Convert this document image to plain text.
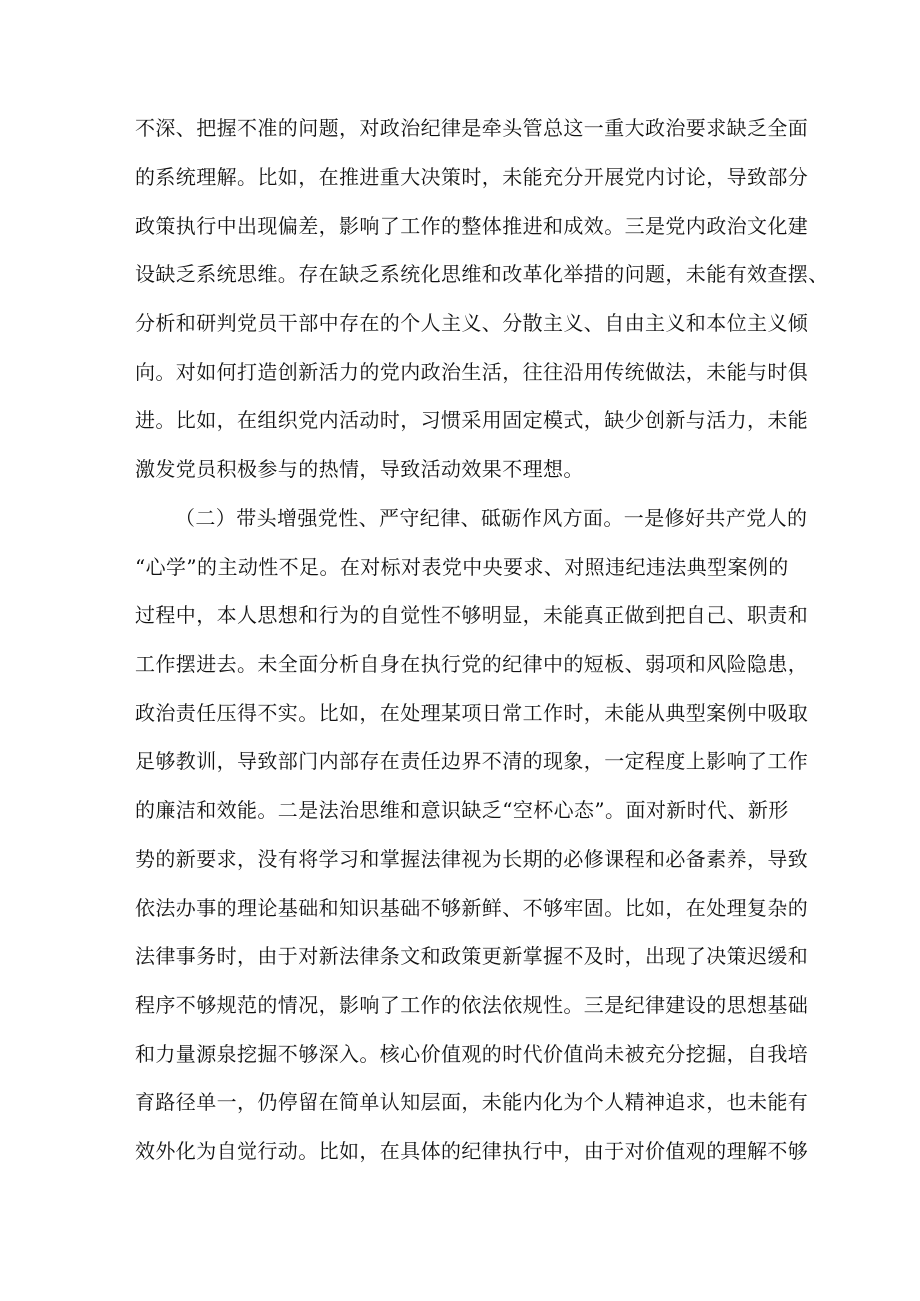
不深、把握不准的问题，对政治纪律是牵头管总这一重大政治要求缺乏全面
的系统理解。比如，在推进重大决策时，未能充分开展党内讨论，导致部分
政策执行中出现偏差，影响了工作的整体推进和成效。三是党内政治文化建
设缺乏系统思维。存在缺乏系统化思维和改革化举措的问题，未能有效查摆、
分析和研判党员干部中存在的个人主义、分散主义、自由主义和本位主义倾
向。对如何打造创新活力的党内政治生活，往往沿用传统做法，未能与时俱
进。比如，在组织党内活动时，习惯采用固定模式，缺少创新与活力，未能
激发党员积极参与的热情，导致活动效果不理想。
（二）带头增强党性、严守纪律、砥砺作风方面。一是修好共产党人的
“心学”的主动性不足。在对标对表党中央要求、对照违纪违法典型案例的
过程中，本人思想和行为的自觉性不够明显，未能真正做到把自己、职责和
工作摆进去。未全面分析自身在执行党的纪律中的短板、弱项和风险隐患，
政治责任压得不实。比如，在处理某项日常工作时，未能从典型案例中吸取
足够教训，导致部门内部存在责任边界不清的现象，一定程度上影响了工作
的廉洁和效能。二是法治思维和意识缺乏“空杯心态”。面对新时代、新形
势的新要求，没有将学习和掌握法律视为长期的必修课程和必备素养，导致
依法办事的理论基础和知识基础不够新鲜、不够牢固。比如，在处理复杂的
法律事务时，由于对新法律条文和政策更新掌握不及时，出现了决策迟缓和
程序不够规范的情况，影响了工作的依法依规性。三是纪律建设的思想基础
和力量源泉挖掘不够深入。核心价值观的时代价值尚未被充分挖掘，自我培
育路径单一，仍停留在简单认知层面，未能内化为个人精神追求，也未能有
效外化为自觉行动。比如，在具体的纪律执行中，由于对价值观的理解不够
